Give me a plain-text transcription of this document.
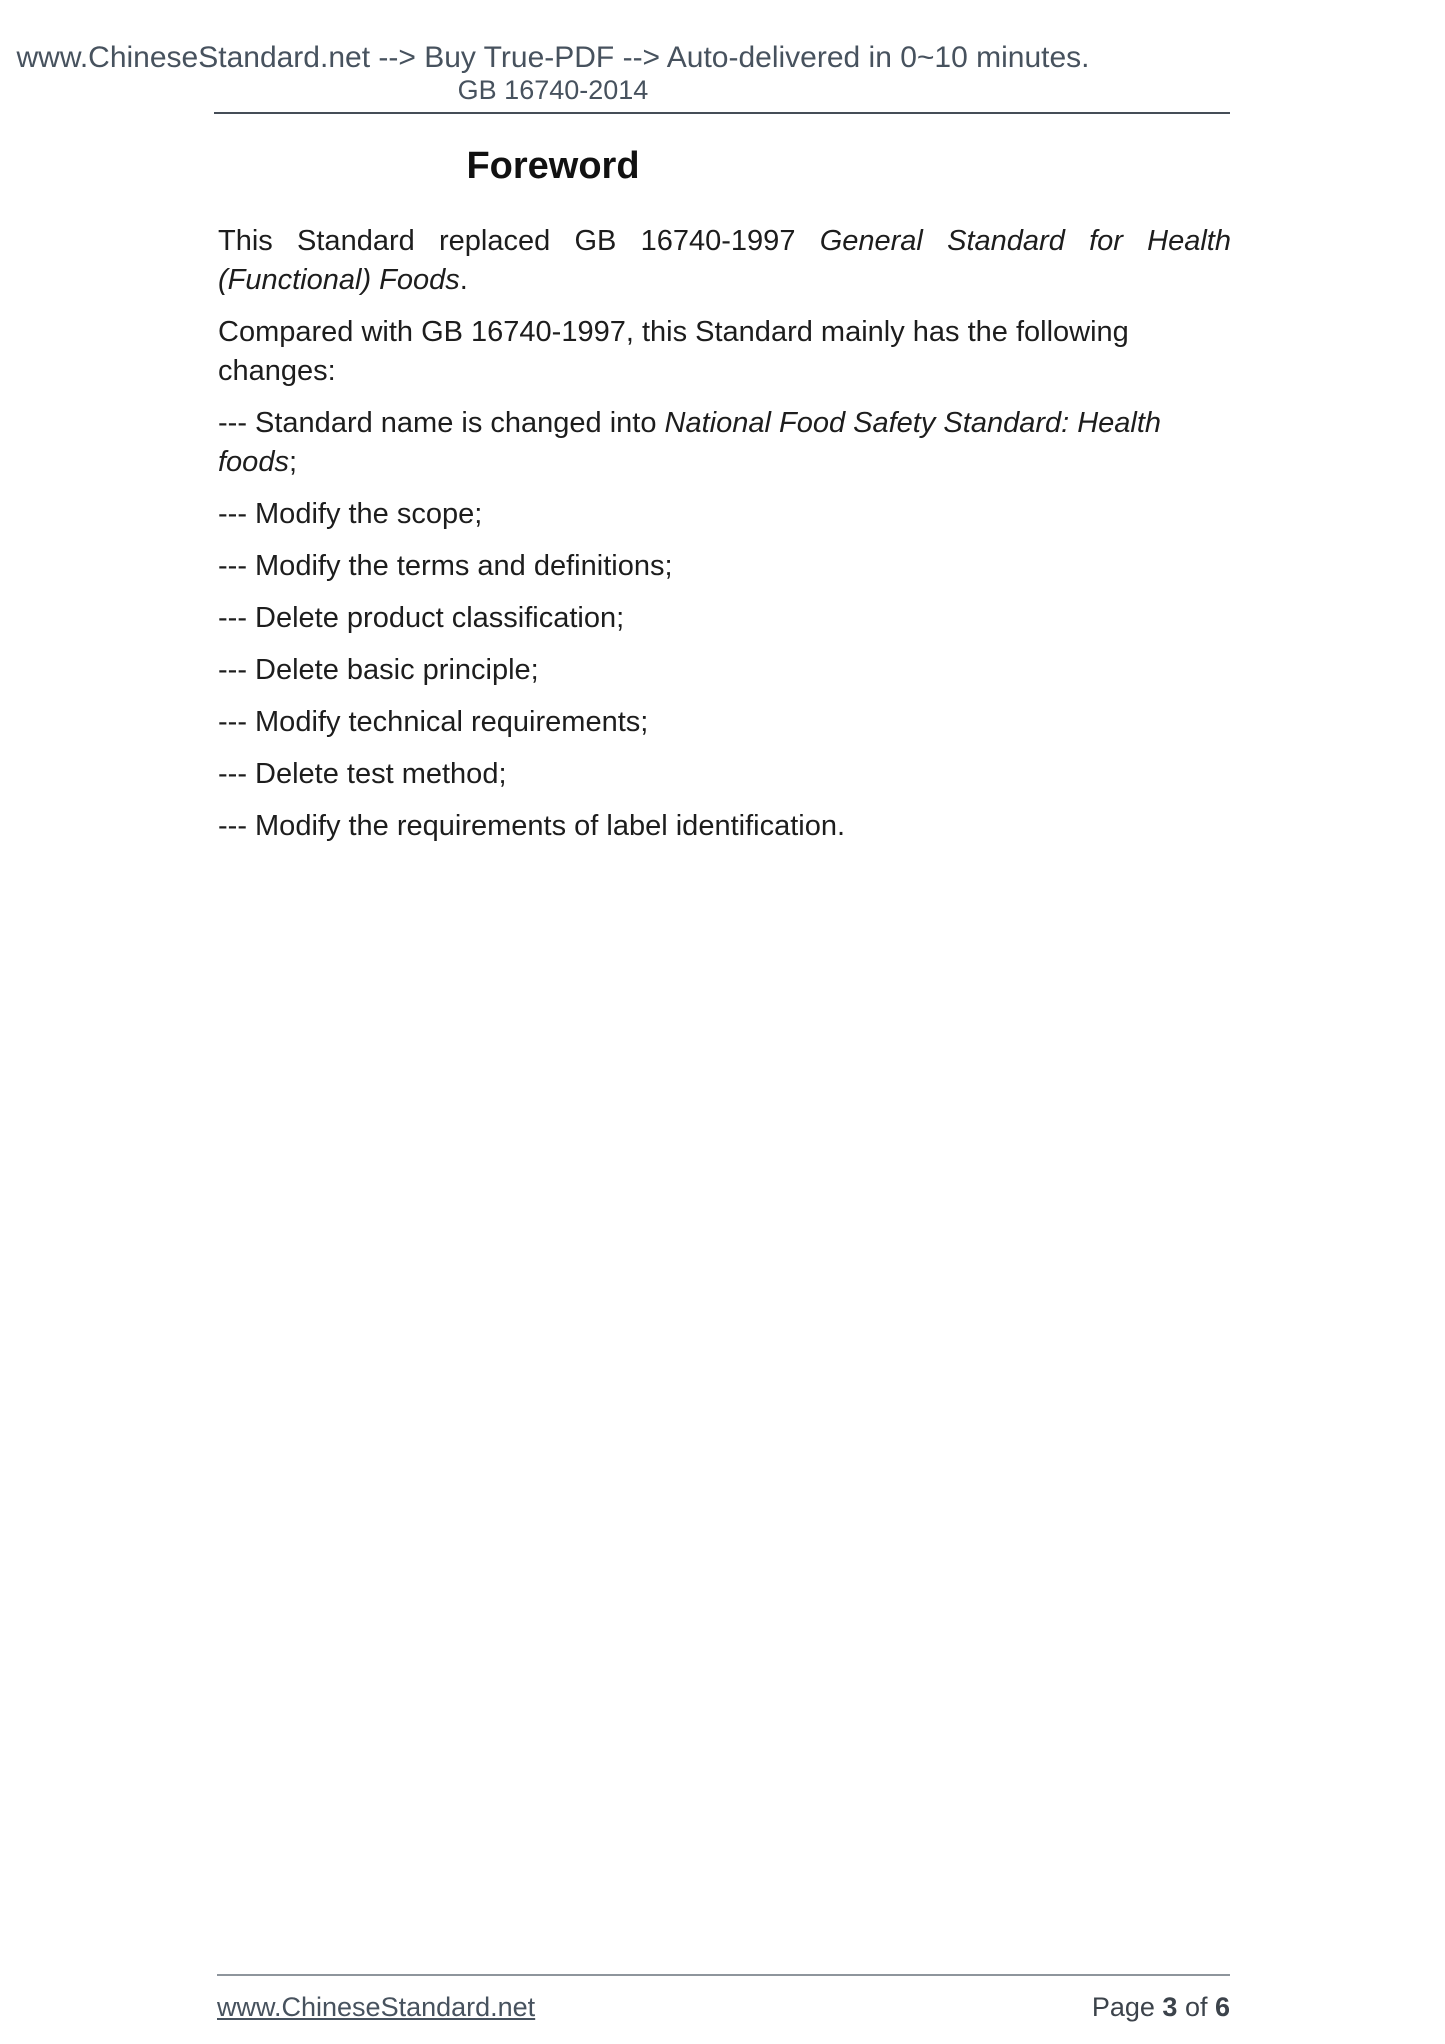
www.ChineseStandard.net --> Buy True-PDF --> Auto-delivered in 0~10 minutes.
GB 16740-2014
Foreword

This Standard replaced GB 16740-1997 General Standard for Health (Functional) Foods.

Compared with GB 16740-1997, this Standard mainly has the following changes:

--- Standard name is changed into National Food Safety Standard: Health foods;

--- Modify the scope;

--- Modify the terms and definitions;

--- Delete product classification;

--- Delete basic principle;

--- Modify technical requirements;

--- Delete test method;

--- Modify the requirements of label identification.

www.ChineseStandard.net	Page 3 of 6
